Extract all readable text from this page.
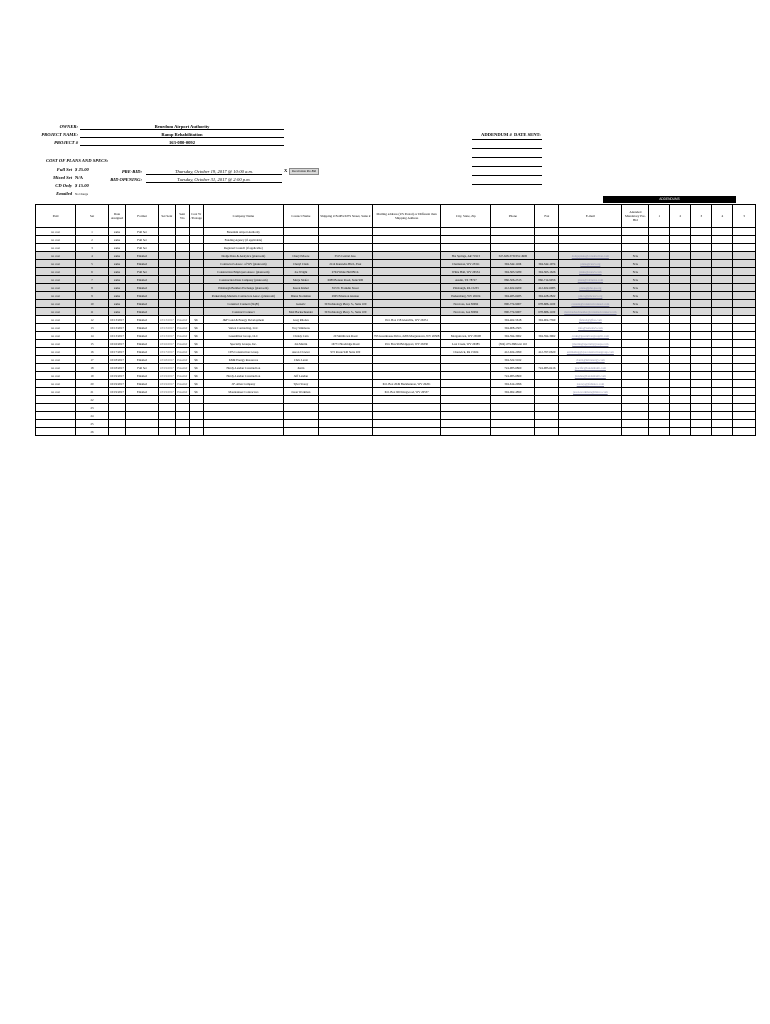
OWNER:	Benedum Airport Authority
PROJECT NAME:	Ramp Rehabilitation
PROJECT #	163-080-0092
ADDENDUM # DATE SENT:
COST OF PLANS AND SPECS:
Full Set $ 25.00
Mixed Set N/A
CD Only $ 15.00
Emailed No Charge
PRE-BID:	Thursday, October 19, 2017 @ 10:00 a.m.
BID OPENING:	Tuesday, October 31, 2017 @ 2:00 p.m.
X	Recalculate Pre-Bid
ADDENDUMS
Paid	Set	Date Assigned	Format	Set Sent	Sent Via	Cost W /Postage	Company Name	Contact Name	Shipping # FedEx/UPS Street, Suite #	Mailing address (US Postal) or Different than Shipping Address	City, State, Zip	Phone	Fax	E-mail	Attended Mandatory Pre-Bid	1	2	3	4	5
no cost	1	same	Full Set				Benedum Airport Authority													
no cost	2	same	Full Set				Funding Agency (if applicable)													
no cost	3	same	Full Set				Regional Council (if applicable)													
no cost	4	same	Emailed				Dodge Data & Analytics (planroom)	Cheryl Moore	3315 Central Ave.		Hot Springs, AR 71913	347-628-3730 Ext 4900		dodgeplans@construction.com	N/A					
no cost	5	same	Emailed				Contractor's Assoc. of WV (planroom)	Cheryl Clark	2114 Kanawha Blvd., East		Charleston, WV 25311	304-342-1166	304-342-1074	plans@cawv.org	N/A					
no cost	6	same	Full Set				Construction Employers Assoc. (planroom)	Joe Wright	2704 White Hall Blvd.		White Hall, WV 26554	304-363-5280	304-363-1626	plans@ceawv.com	N/A					
no cost	7	same	Emailed				Construction Data Company (planroom)	Marja Shafer	6089 Bonner Road, Suite 900		Austin, TX 78727	866-506-2313	866-714-9956	plans@cdcnews.com	N/A					
no cost	8	same	Emailed				Pittsburgh Builders Exchange (planroom)	Karen Kishel	813 N. Franklin Street		Pittsburgh, PA 15233	412-922-6200	412-922-6085	plans@pbe-pa.org	N/A					
no cost	9	same	Emailed				Parkersburg-Marietta Contractors Assoc. (planroom)	Diana Stockman	2905 Emerson Avenue		Parkersburg, WV 26104	304-485-6485	304-428-2822	pmca@pmcawv.org	N/A					
no cost	10	same	Emailed				Construct Connect (iSqFt)	Generic	30 Technology Pkwy. S., Suite 100		Norcross, GA 30092	800-774-9007	678-686-1100	content@constructconnect.com	N/A					
no cost	11	same	Emailed				Construct Connect	Matt Backschneider	30 Technology Pkwy. S., Suite 100		Norcross, GA 30092	800-774-9007	678-686-1100	matt.backschneider@constructconnect.com	N/A					
no cost	12	10/13/2017	Emailed	10/13/2017	Emailed	$0.	J&F Land & Energy Development	Greg Rhodes		P.O. Box 158 Glenville, WV 26351		304-462-5618	304-904-7399	jfeland@gfisa.com						
no cost	13	10/13/2017	Emailed	10/13/2017	Emailed	$0.	Vertex Contracting, LLC	Troy Simmons				304-908-2303		info@vertexwv.com						
no cost	14	10/13/2017	Emailed	10/13/2017	Emailed	$0.	GreenRiver Group, LLC	Christy Cain	20 Smithtown Road	793 Greenhouse Drive, #206 Morgantown, WV 26508	Morgantown, WV 26508	304-594-3962	304-594-3962	ccain@greenrivergroupllc.com						
no cost	15	10/16/2017	Emailed	10/16/2017	Emailed	$0.	Specialty Groups, Inc.	Jan Martin	16771 Hoodridge Road	P.O. Box 96 Bridgeport, WV 26330	Lost Creek, WV 26385	(304) 473-3684 ext 110		jmartin@specialtygroups.com						
no cost	16	10/17/2017	Emailed	10/17/2017	Emailed	$0.	CPS Construction Group	Aaron Clowter	972 Route 940 Suite 200		Cheswick, PA 15024	412-924-2090	412-767-0620	estimating@cpsconstructiongroup.com						
no cost	17	10/18/2017	Emailed	10/18/2017	Emailed	$0.	KMR Energy Resources	Chris Lantz				304-322-5162		clantz@kmrenergy.com						
no cost	18	10/18/2017	Full Set	10/19/2017	Emailed	$0.	Hardy-Landan Construction	Justin				724-983-6860	724-983-6416	jpacific@landanbuilt.com						
no cost	19	10/19/2017	Emailed	10/19/2017	Emailed	$0.	Hardy-Landan Construction	Jeff Landan				724-983-6860		jlandan@landanbuilt.com						
no cost	20	10/19/2017	Emailed	10/19/2017	Emailed	$0.	J.F. Allen Company	Tyler Storey		P.O. Box 2049 Buckhannon, WV 26201		304-614-2096		tstorey@jfallenco.com						
no cost	21	10/19/2017	Emailed	10/19/2017	Emailed	$0.	Mountaineer Contractors	Jason Workman		P.O. Box 600 Kingwood, WV 26537		304-062-4890		jason.workman@mtnco.com						
	22																			
	23																			
	24																			
	25																			
	26																			
